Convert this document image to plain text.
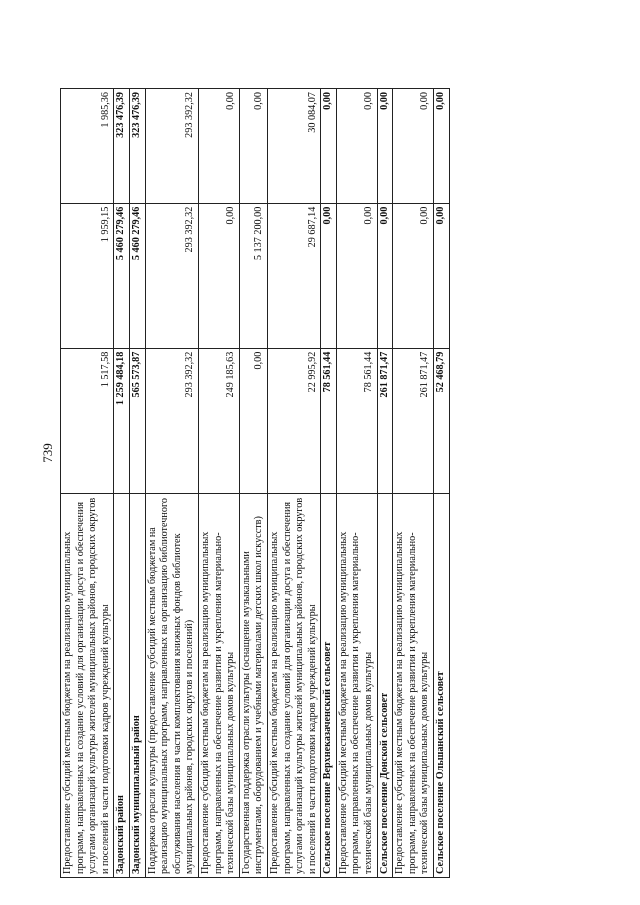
739
Предоставление субсидий местным бюджетам на реализацию муниципальных программ, направленных на создание условий для организации досуга и обеспечения услугами организаций культуры жителей муниципальных районов, городских округов и поселений в части подготовки кадров учреждений культуры	1 517,58	1 959,15	1 985,36
Задонский район	1 259 484,18	5 460 279,46	323 476,39
Задонский муниципальный район	565 573,87	5 460 279,46	323 476,39
Поддержка отрасли культуры (предоставление субсидий местным бюджетам на реализацию муниципальных программ, направленных на организацию библиотечного обслуживания населения в части комплектования книжных фондов библиотек муниципальных районов, городских округов и поселений)	293 392,32	293 392,32	293 392,32
Предоставление субсидий местным бюджетам на реализацию муниципальных программ, направленных на обеспечение развития и укрепления материально-технической базы муниципальных домов культуры	249 185,63	0,00	0,00
Государственная поддержка отрасли культуры (оснащение музыкальными инструментами, оборудованием и учебными материалами детских школ искусств)	0,00	5 137 200,00	0,00
Предоставление субсидий местным бюджетам на реализацию муниципальных программ, направленных на создание условий для организации досуга и обеспечения услугами организаций культуры жителей муниципальных районов, городских округов и поселений в части подготовки кадров учреждений культуры	22 995,92	29 687,14	30 084,07
Сельское поселение Верхнеказаченский сельсовет	78 561,44	0,00	0,00
Предоставление субсидий местным бюджетам на реализацию муниципальных программ, направленных на обеспечение развития и укрепления материально-технической базы муниципальных домов культуры	78 561,44	0,00	0,00
Сельское поселение Донской сельсовет	261 871,47	0,00	0,00
Предоставление субсидий местным бюджетам на реализацию муниципальных программ, направленных на обеспечение развития и укрепления материально-технической базы муниципальных домов культуры	261 871,47	0,00	0,00
Сельское поселение Ольшанский сельсовет	52 468,79	0,00	0,00
